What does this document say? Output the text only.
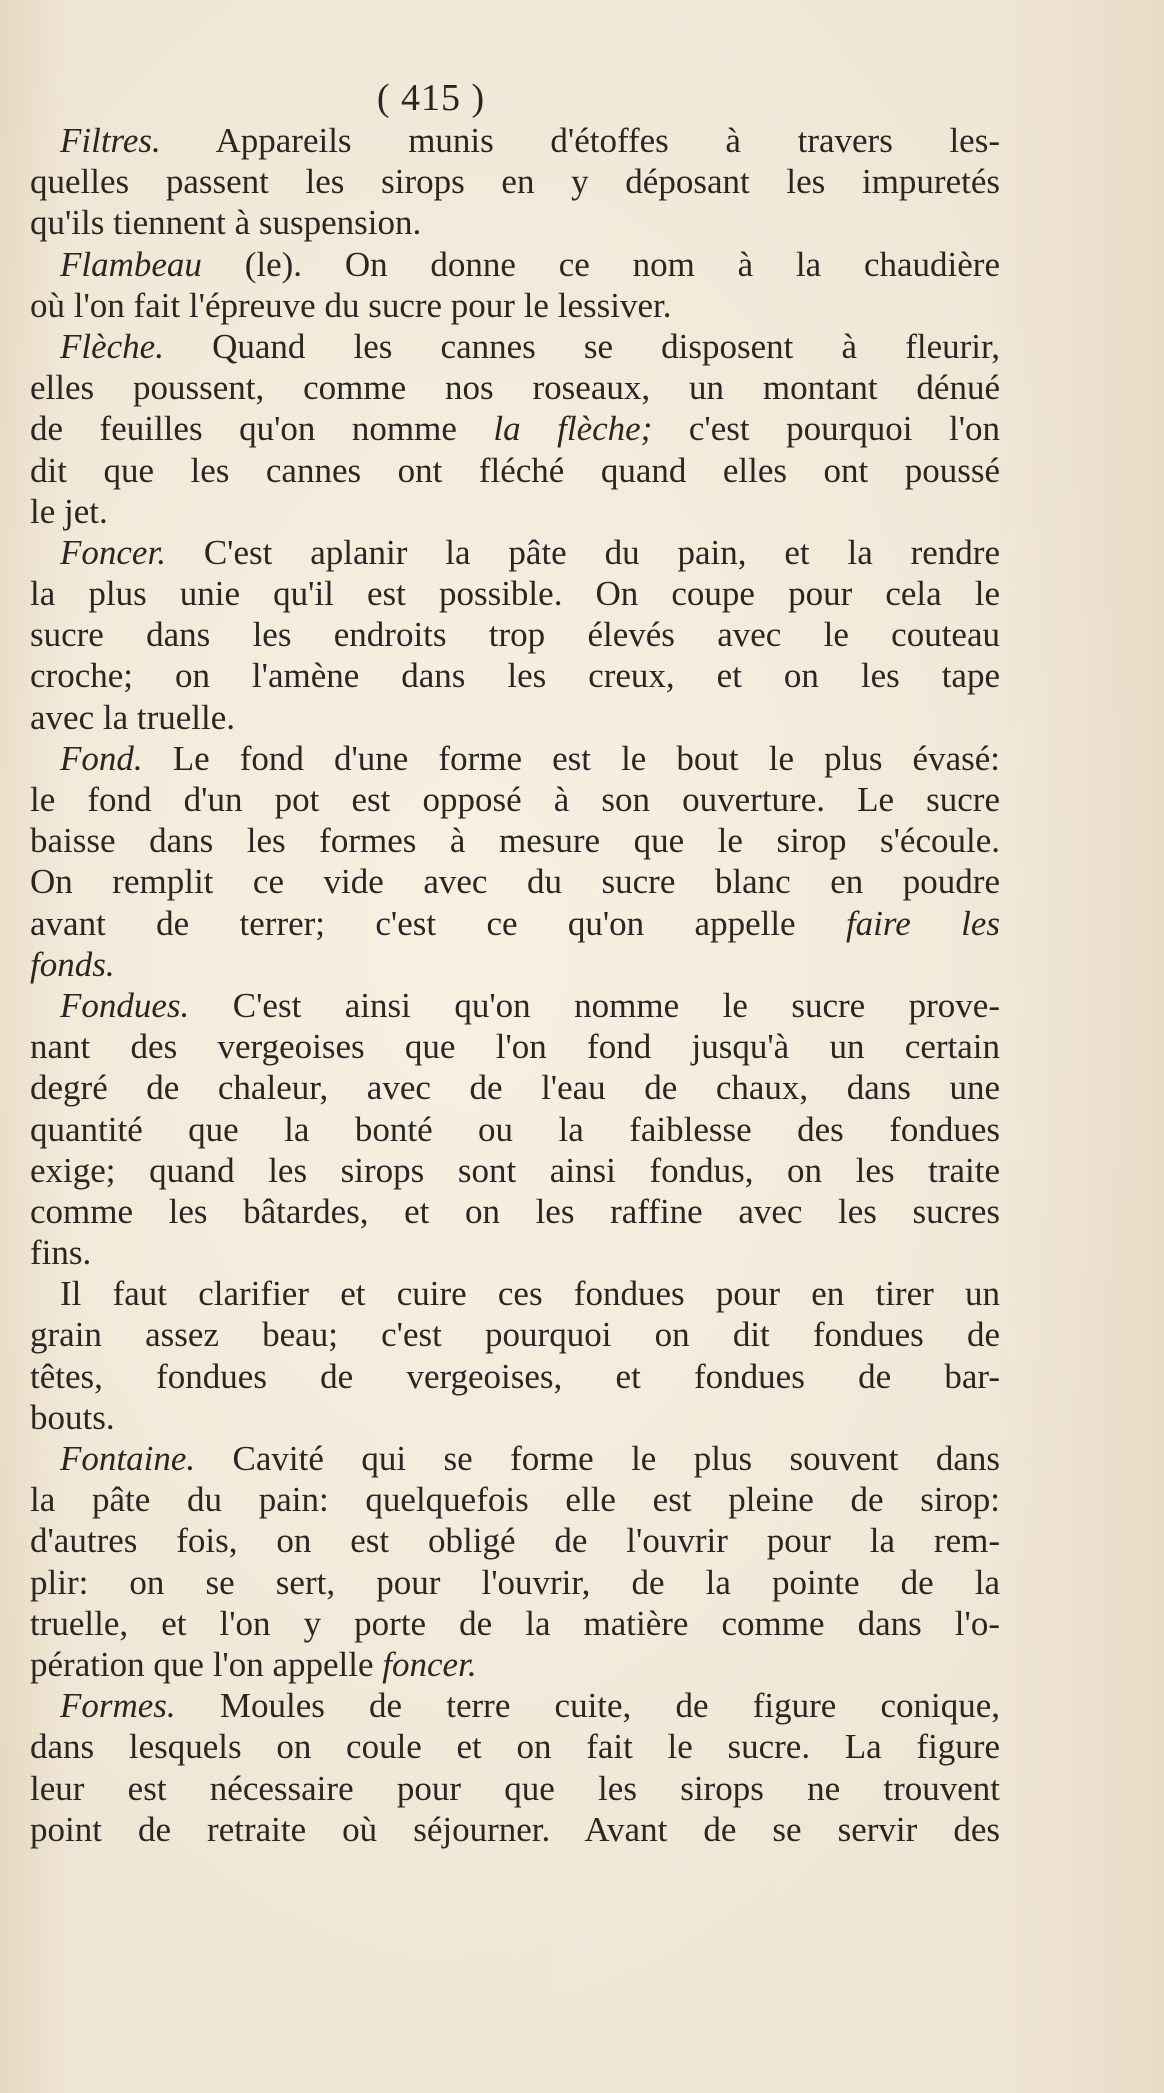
( 415 )
Filtres. Appareils munis d'étoffes à travers les-
quelles passent les sirops en y déposant les impuretés
qu'ils tiennent à suspension.
Flambeau (le). On donne ce nom à la chaudière
où l'on fait l'épreuve du sucre pour le lessiver.
Flèche. Quand les cannes se disposent à fleurir,
elles poussent, comme nos roseaux, un montant dénué
de feuilles qu'on nomme la flèche; c'est pourquoi l'on
dit que les cannes ont fléché quand elles ont poussé
le jet.
Foncer. C'est aplanir la pâte du pain, et la rendre
la plus unie qu'il est possible. On coupe pour cela le
sucre dans les endroits trop élevés avec le couteau
croche; on l'amène dans les creux, et on les tape
avec la truelle.
Fond. Le fond d'une forme est le bout le plus évasé:
le fond d'un pot est opposé à son ouverture. Le sucre
baisse dans les formes à mesure que le sirop s'écoule.
On remplit ce vide avec du sucre blanc en poudre
avant de terrer; c'est ce qu'on appelle faire les
fonds.
Fondues. C'est ainsi qu'on nomme le sucre prove-
nant des vergeoises que l'on fond jusqu'à un certain
degré de chaleur, avec de l'eau de chaux, dans une
quantité que la bonté ou la faiblesse des fondues
exige; quand les sirops sont ainsi fondus, on les traite
comme les bâtardes, et on les raffine avec les sucres
fins.
Il faut clarifier et cuire ces fondues pour en tirer un
grain assez beau; c'est pourquoi on dit fondues de
têtes, fondues de vergeoises, et fondues de bar-
bouts.
Fontaine. Cavité qui se forme le plus souvent dans
la pâte du pain: quelquefois elle est pleine de sirop:
d'autres fois, on est obligé de l'ouvrir pour la rem-
plir: on se sert, pour l'ouvrir, de la pointe de la
truelle, et l'on y porte de la matière comme dans l'o-
pération que l'on appelle foncer.
Formes. Moules de terre cuite, de figure conique,
dans lesquels on coule et on fait le sucre. La figure
leur est nécessaire pour que les sirops ne trouvent
point de retraite où séjourner. Avant de se servir des
